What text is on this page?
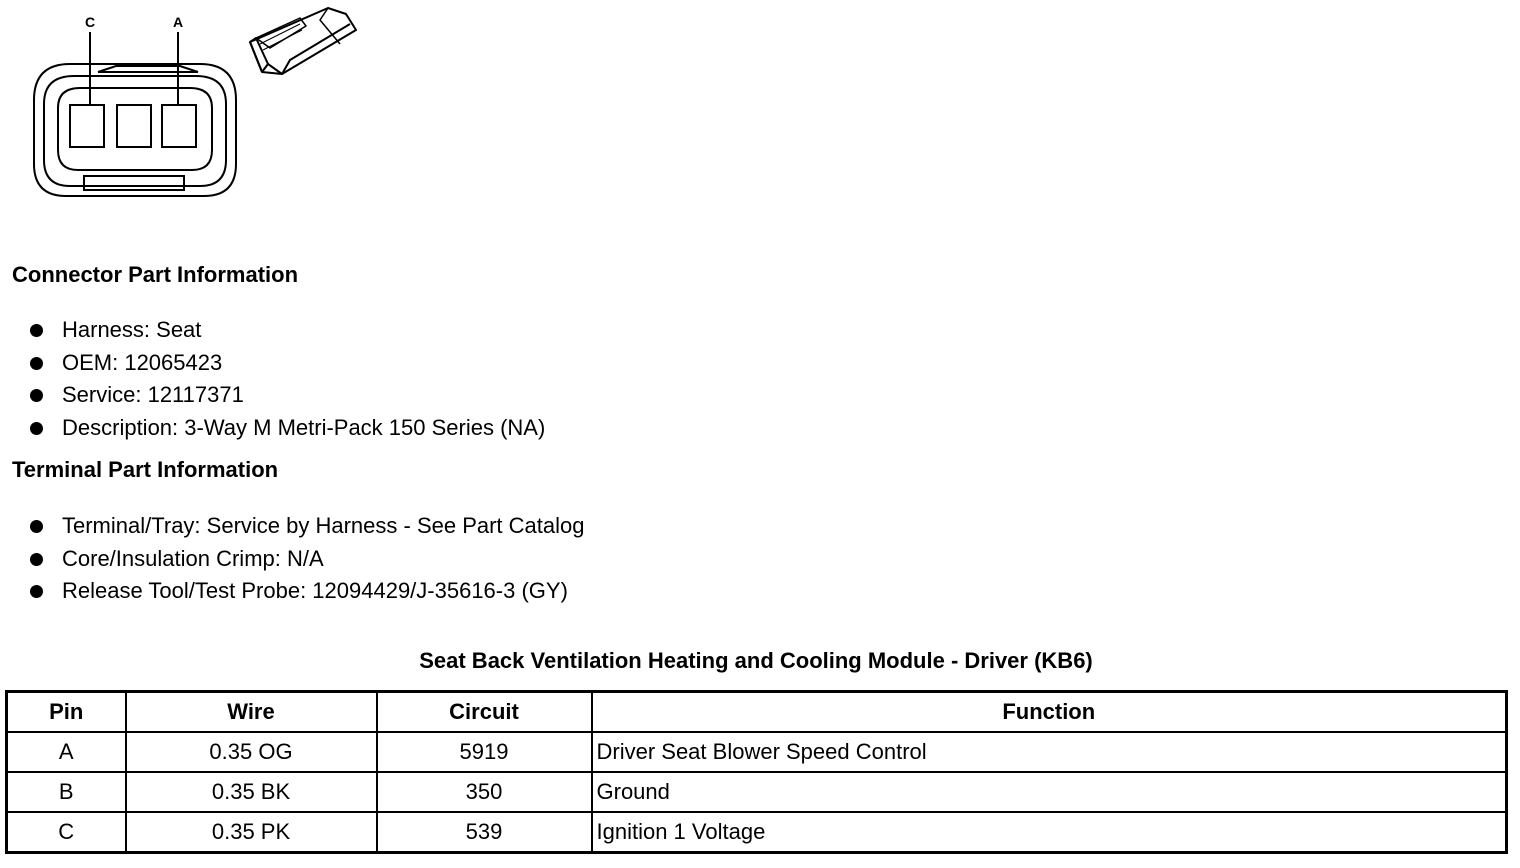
C	A
Connector Part Information
Harness: Seat
OEM: 12065423
Service: 12117371
Description: 3-Way M Metri-Pack 150 Series (NA)
Terminal Part Information
Terminal/Tray: Service by Harness - See Part Catalog
Core/Insulation Crimp: N/A
Release Tool/Test Probe: 12094429/J-35616-3 (GY)
Seat Back Ventilation Heating and Cooling Module - Driver (KB6)
Pin	Wire	Circuit	Function
A	0.35 OG	5919	Driver Seat Blower Speed Control
B	0.35 BK	350	Ground
C	0.35 PK	539	Ignition 1 Voltage
